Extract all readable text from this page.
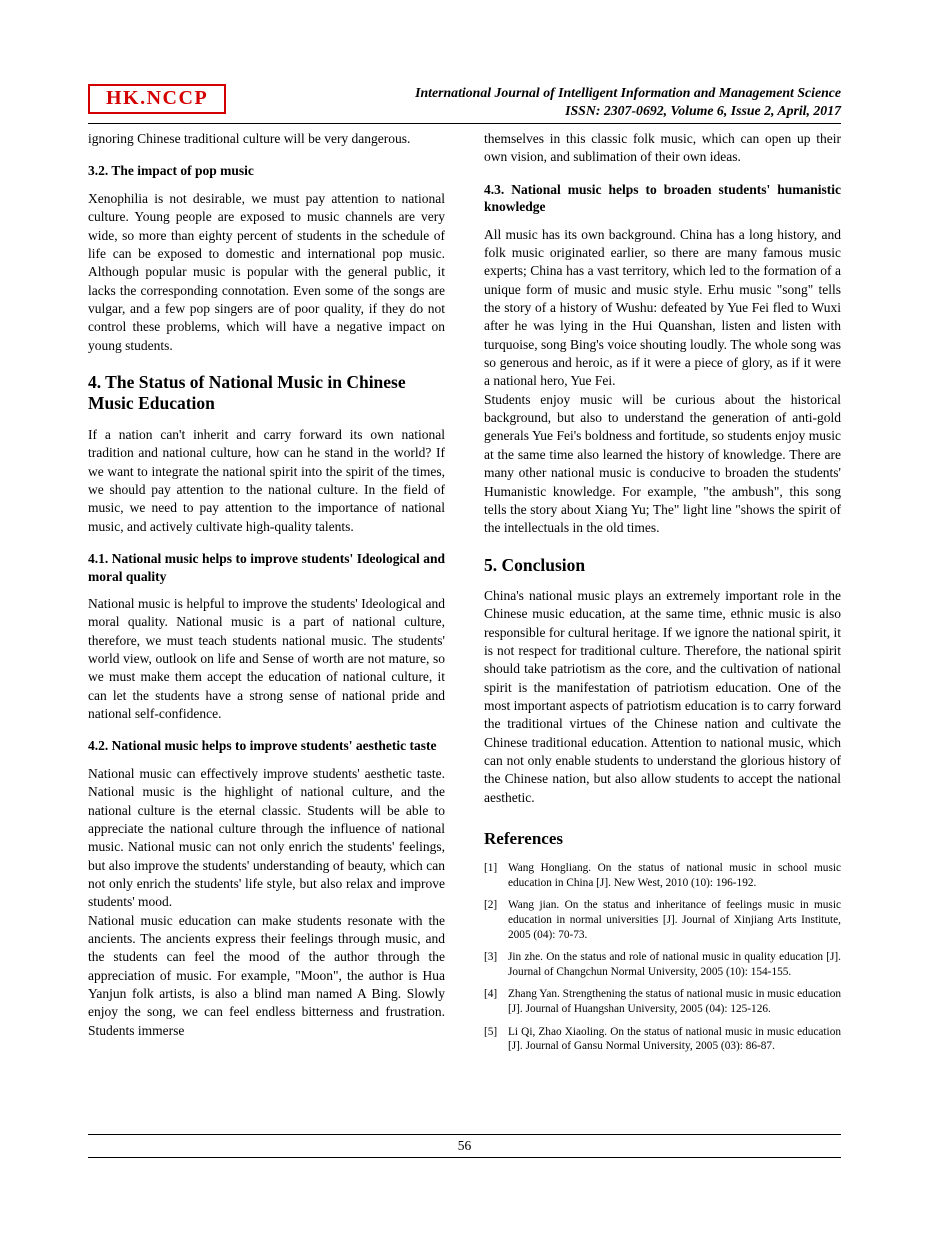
HK.NCCP	International Journal of Intelligent Information and Management Science
ISSN: 2307-0692, Volume 6, Issue 2, April, 2017

ignoring Chinese traditional culture will be very dangerous.

3.2. The impact of pop music

Xenophilia is not desirable, we must pay attention to national culture. Young people are exposed to music channels are very wide, so more than eighty percent of students in the schedule of life can be exposed to domestic and international pop music. Although popular music is popular with the general public, it lacks the corresponding connotation. Even some of the songs are vulgar, and a few pop singers are of poor quality, if they do not control these problems, which will have a negative impact on young students.

4. The Status of National Music in Chinese Music Education

If a nation can't inherit and carry forward its own national tradition and national culture, how can he stand in the world? If we want to integrate the national spirit into the spirit of the times, we should pay attention to the national culture. In the field of music, we need to pay attention to the importance of national music, and actively cultivate high-quality talents.

4.1. National music helps to improve students' Ideological and moral quality

National music is helpful to improve the students' Ideological and moral quality. National music is a part of national culture, therefore, we must teach students national music. The students' world view, outlook on life and Sense of worth are not mature, so we must make them accept the education of national culture, it can let the students have a strong sense of national pride and national self-confidence.

4.2. National music helps to improve students' aesthetic taste

National music can effectively improve students' aesthetic taste. National music is the highlight of national culture, and the national culture is the eternal classic. Students will be able to appreciate the national culture through the influence of national music. National music can not only enrich the students' feelings, but also improve the students' understanding of beauty, which can not only enrich the students' life style, but also relax and improve students' mood.

National music education can make students resonate with the ancients. The ancients express their feelings through music, and the students can feel the mood of the author through the appreciation of music. For example, "Moon", the author is Hua Yanjun folk artists, is also a blind man named A Bing. Slowly enjoy the song, we can feel endless bitterness and frustration. Students immerse

themselves in this classic folk music, which can open up their own vision, and sublimation of their own ideas.

4.3. National music helps to broaden students' humanistic knowledge

All music has its own background. China has a long history, and folk music originated earlier, so there are many famous music experts; China has a vast territory, which led to the formation of a unique form of music and music style. Erhu music "song" tells the story of a history of Wushu: defeated by Yue Fei fled to Wuxi after he was lying in the Hui Quanshan, listen and listen with turquoise, song Bing's voice shouting loudly. The whole song was so generous and heroic, as if it were a piece of glory, as if it were a national hero, Yue Fei.

Students enjoy music will be curious about the historical background, but also to understand the generation of anti-gold generals Yue Fei's boldness and fortitude, so students enjoy music at the same time also learned the history of knowledge. There are many other national music is conducive to broaden the students' Humanistic knowledge. For example, "the ambush", this song tells the story about Xiang Yu; The" light line "shows the spirit of the intellectuals in the old times.

5. Conclusion

China's national music plays an extremely important role in the Chinese music education, at the same time, ethnic music is also responsible for cultural heritage. If we ignore the national spirit, it is not respect for traditional culture. Therefore, the national spirit should take patriotism as the core, and the cultivation of national spirit is the manifestation of patriotism education. One of the most important aspects of patriotism education is to carry forward the traditional virtues of the Chinese nation and cultivate the Chinese traditional education. Attention to national music, which can not only enable students to understand the glorious history of the Chinese nation, but also allow students to accept the national aesthetic.

References
[1] Wang Hongliang. On the status of national music in school music education in China [J]. New West, 2010 (10): 196-192.
[2] Wang jian. On the status and inheritance of feelings music in music education in normal universities [J]. Journal of Xinjiang Arts Institute, 2005 (04): 70-73.
[3] Jin zhe. On the status and role of national music in quality education [J]. Journal of Changchun Normal University, 2005 (10): 154-155.
[4] Zhang Yan. Strengthening the status of national music in music education [J]. Journal of Huangshan University, 2005 (04): 125-126.
[5] Li Qi, Zhao Xiaoling. On the status of national music in music education [J]. Journal of Gansu Normal University, 2005 (03): 86-87.
56
